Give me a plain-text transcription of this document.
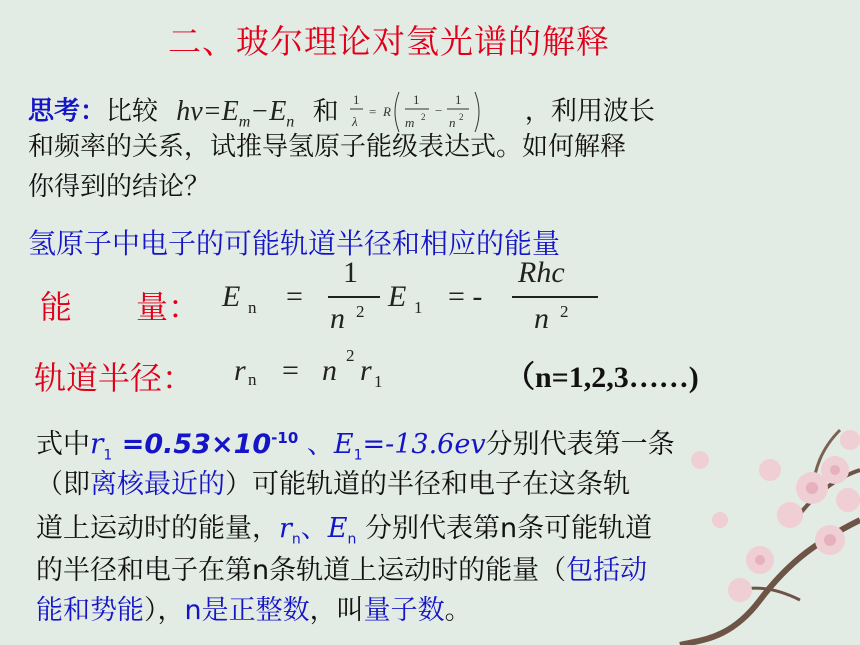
二、玻尔理论对氢光谱的解释
思考：比较 $h\nu=E_m-E_n$ 和 1
λ
= R
1
m 2 −
1
n 2 ，利用波长
和频率的关系，试推导氢原子能级表达式。如何解释
你得到的结论？
氢原子中电子的可能轨道半径和相应的能量
能　　量： E n =
1
n 2 E 1 = -
Rhc
n 2
轨道半径： r n = n 2 r 1	（n=1,2,3……)
式中$r_1 =0.53\times 10^{-10}$ 、$E_1=-13.6ev$分别代表第一条
（即离核最近的）可能轨道的半径和电子在这条轨
道上运动时的能量，$r_n$、$E_n$ 分别代表第n条可能轨道
的半径和电子在第n条轨道上运动时的能量（包括动
能和势能），n是正整数，叫量子数。
